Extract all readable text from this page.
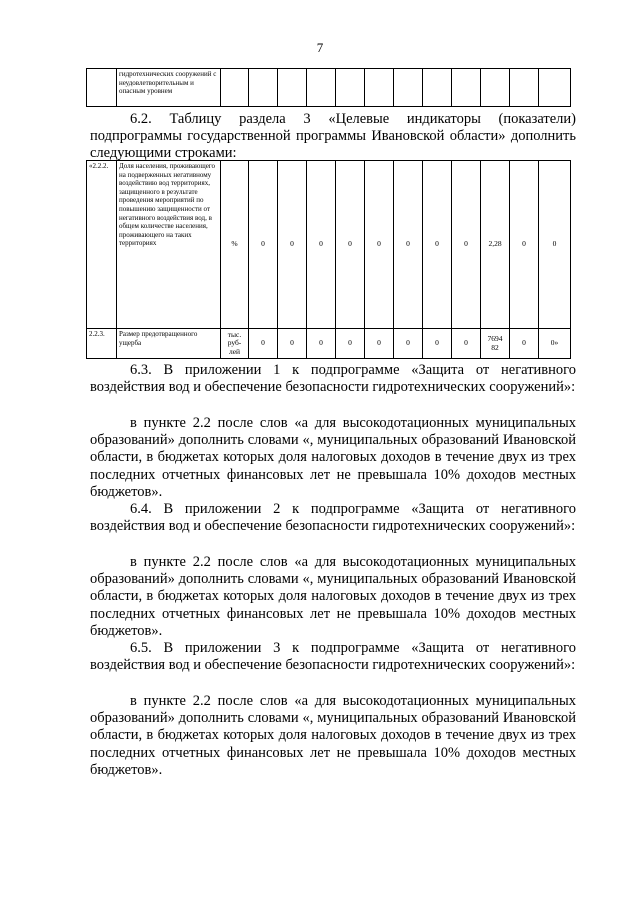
7
	гидротехнических сооружений с неудовлетворительным и опасным уровнем													

6.2. Таблицу раздела 3 «Целевые индикаторы (показатели) подпрограммы государственной программы Ивановской области» дополнить следующими строками:

«2.2.2.	Доля населения, проживающего на подверженных негативному воздействию вод территориях, защищенного в результате проведения мероприятий по повышению защищенности от негативного воздействия вод, в общем количестве населения, проживающего на таких территориях	%	0	0	0	0	0	0	0	0	2,28	0	0
2.2.3.	Размер предотвращенного ущерба	тыс. руб-лей	0	0	0	0	0	0	0	0	7694 82	0	0»

6.3. В приложении 1 к подпрограмме «Защита от негативного воздействия вод и обеспечение безопасности гидротехнических сооружений»:

в пункте 2.2 после слов «а для высокодотационных муниципальных образований» дополнить словами «, муниципальных образований Ивановской области, в бюджетах которых доля налоговых доходов в течение двух из трех последних отчетных финансовых лет не превышала 10% доходов местных бюджетов».

6.4. В приложении 2 к подпрограмме «Защита от негативного воздействия вод и обеспечение безопасности гидротехнических сооружений»:

в пункте 2.2 после слов «а для высокодотационных муниципальных образований» дополнить словами «, муниципальных образований Ивановской области, в бюджетах которых доля налоговых доходов в течение двух из трех последних отчетных финансовых лет не превышала 10% доходов местных бюджетов».

6.5. В приложении 3 к подпрограмме «Защита от негативного воздействия вод и обеспечение безопасности гидротехнических сооружений»:

в пункте 2.2 после слов «а для высокодотационных муниципальных образований» дополнить словами «, муниципальных образований Ивановской области, в бюджетах которых доля налоговых доходов в течение двух из трех последних отчетных финансовых лет не превышала 10% доходов местных бюджетов».
